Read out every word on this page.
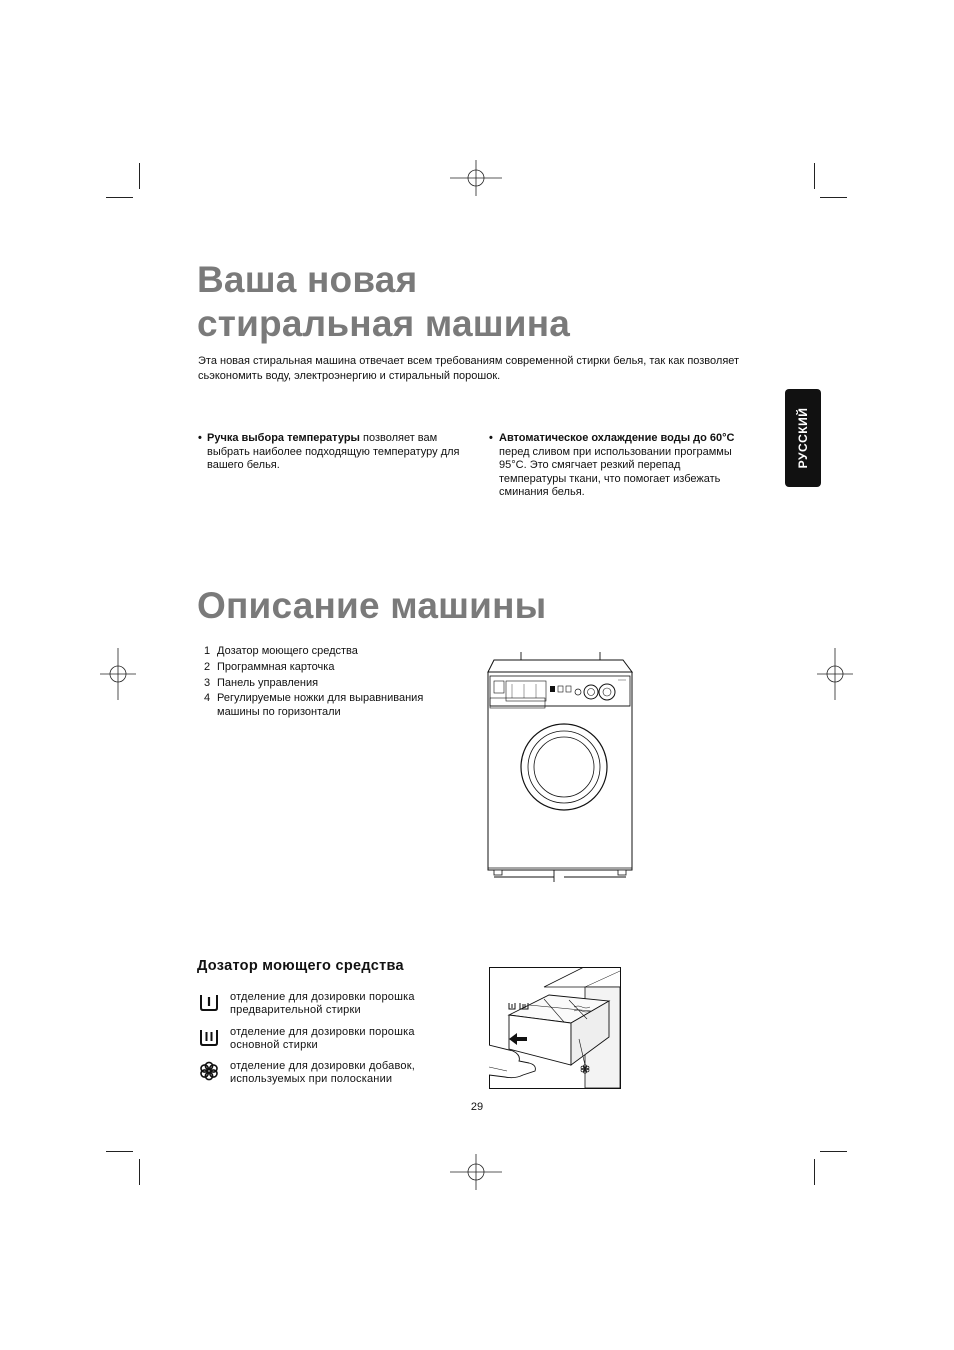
Ваша новая
стиральная машина
Эта новая стиральная машина отвечает всем требованиям современной стирки белья, так как позволяет сьэкономить воду, электроэнергию и стиральный порошок.
• Ручка выбора температуры позволяет вам выбрать наиболее подходящую температуру для вашего белья.
• Автоматическое охлаждение воды до 60°C перед сливом при использовании программы 95°C. Это смягчает резкий перепад температуры ткани, что помогает избежать сминания белья.
РУССКИЙ
Описание машины
1 Дозатор моющего средства
2 Программная карточка
3 Панель управления
4 Регулируемые ножки для выравнивания машины по горизонтали
Дозатор моющего средства
отделение для дозировки порошка предварительной стирки
отделение для дозировки порошка основной стирки
отделение для дозировки добавок, используемых при полоскании
29
